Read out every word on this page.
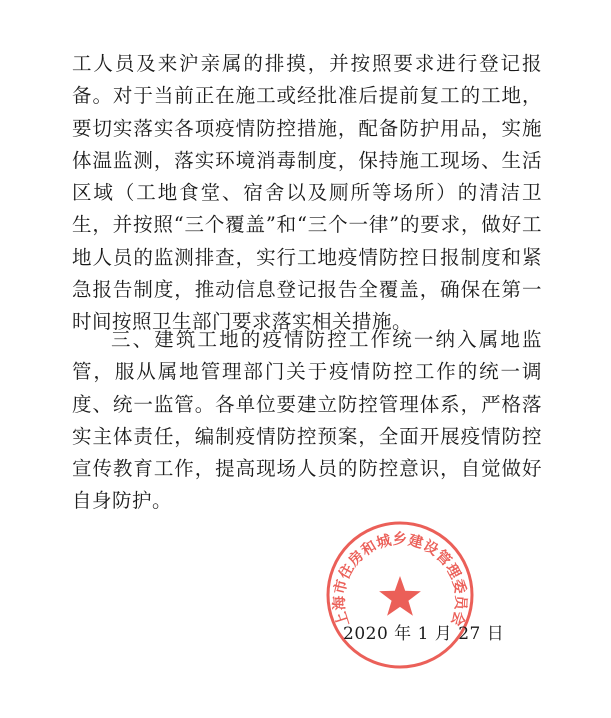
工人员及来沪亲属的排摸，并按照要求进行登记报备。对于当前正在施工或经批准后提前复工的工地，要切实落实各项疫情防控措施，配备防护用品，实施体温监测，落实环境消毒制度，保持施工现场、生活区域（工地食堂、宿舍以及厕所等场所）的清洁卫生，并按照“三个覆盖”和“三个一律”的要求，做好工地人员的监测排查，实行工地疫情防控日报制度和紧急报告制度，推动信息登记报告全覆盖，确保在第一时间按照卫生部门要求落实相关措施。

三、建筑工地的疫情防控工作统一纳入属地监管，服从属地管理部门关于疫情防控工作的统一调度、统一监管。各单位要建立防控管理体系，严格落实主体责任，编制疫情防控预案，全面开展疫情防控宣传教育工作，提高现场人员的防控意识，自觉做好自身防护。

上海市住房和城乡建设管理委员会
2020 年 1 月 27 日
